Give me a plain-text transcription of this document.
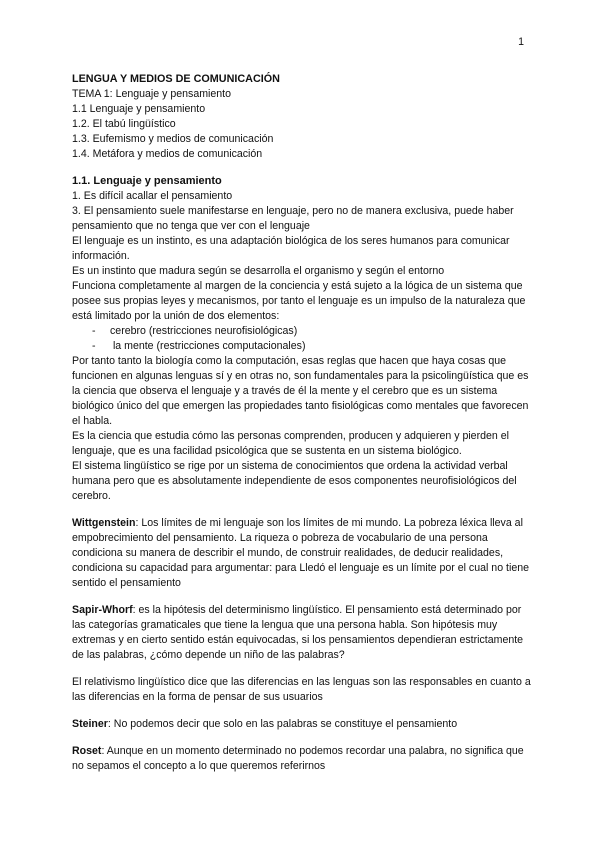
1
LENGUA Y MEDIOS DE COMUNICACIÓN

TEMA 1: Lenguaje y pensamiento

1.1 Lenguaje y pensamiento

1.2. El tabú lingüístico

1.3. Eufemismo y medios de comunicación

1.4. Metáfora y medios de comunicación

1.1. Lenguaje y pensamiento

1. Es difícil acallar el pensamiento

3. El pensamiento suele manifestarse en lenguaje, pero no de manera exclusiva, puede haber pensamiento que no tenga que ver con el lenguaje

El lenguaje es un instinto, es una adaptación biológica de los seres humanos para comunicar información.

Es un instinto que madura según se desarrolla el organismo y según el entorno

Funciona completamente al margen de la conciencia y está sujeto a la lógica de un sistema que posee sus propias leyes y mecanismos, por tanto el lenguaje es un impulso de la naturaleza que está limitado por la unión de dos elementos:

-	cerebro (restricciones neurofisiológicas)
-	la mente (restricciones computacionales)

Por tanto tanto la biología como la computación, esas reglas que hacen que haya cosas que funcionen en algunas lenguas sí y en otras no, son fundamentales para la psicolingüística que es la ciencia que observa el lenguaje y a través de él la mente y el cerebro que es un sistema biológico único del que emergen las propiedades tanto fisiológicas como mentales que favorecen el habla.

Es la ciencia que estudia cómo las personas comprenden, producen y adquieren y pierden el lenguaje, que es una facilidad psicológica que se sustenta en un sistema biológico.

El sistema lingüístico se rige por un sistema de conocimientos que ordena la actividad verbal humana pero que es absolutamente independiente de esos componentes neurofisiológicos del cerebro.

Wittgenstein: Los límites de mi lenguaje son los límites de mi mundo. La pobreza léxica lleva al empobrecimiento del pensamiento. La riqueza o pobreza de vocabulario de una persona condiciona su manera de describir el mundo, de construir realidades, de deducir realidades, condiciona su capacidad para argumentar: para Lledó el lenguaje es un límite por el cual no tiene sentido el pensamiento

Sapir-Whorf: es la hipótesis del determinismo lingüístico. El pensamiento está determinado por las categorías gramaticales que tiene la lengua que una persona habla. Son hipótesis muy extremas y en cierto sentido están equivocadas, si los pensamientos dependieran estrictamente de las palabras, ¿cómo depende un niño de las palabras?

El relativismo lingüístico dice que las diferencias en las lenguas son las responsables en cuanto a las diferencias en la forma de pensar de sus usuarios

Steiner: No podemos decir que solo en las palabras se constituye el pensamiento

Roset: Aunque en un momento determinado no podemos recordar una palabra, no significa que no sepamos el concepto a lo que queremos referirnos
